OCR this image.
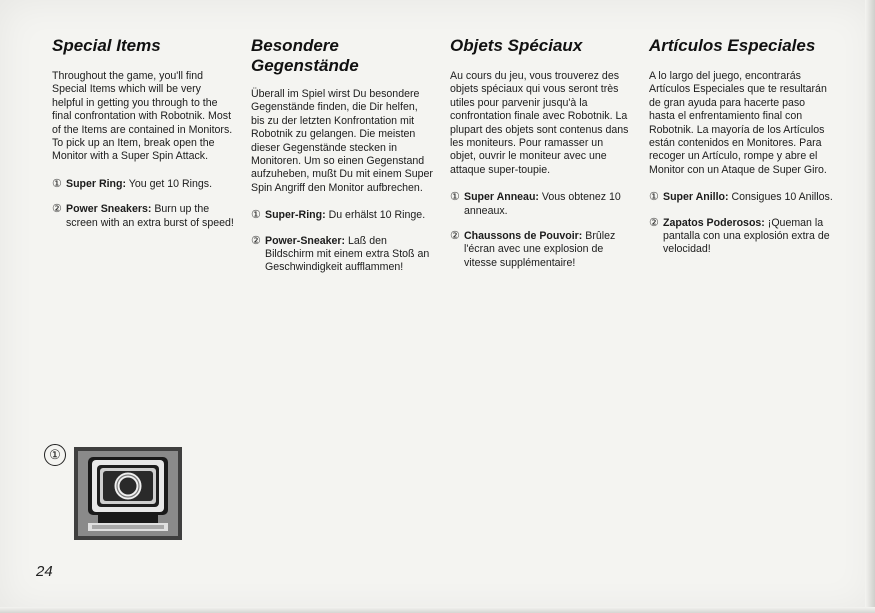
Special Items

Throughout the game, you'll find Special Items which will be very helpful in getting you through to the final confrontation with Robotnik. Most of the Items are contained in Monitors. To pick up an Item, break open the Monitor with a Super Spin Attack.

① Super Ring: You get 10 Rings.
② Power Sneakers: Burn up the screen with an extra burst of speed!
Besondere Gegenstände

Überall im Spiel wirst Du besondere Gegenstände finden, die Dir helfen, bis zu der letzten Konfrontation mit Robotnik zu gelangen. Die meisten dieser Gegenstände stecken in Monitoren. Um so einen Gegenstand aufzuheben, mußt Du mit einem Super Spin Angriff den Monitor aufbrechen.

① Super-Ring: Du erhälst 10 Ringe.
② Power-Sneaker: Laß den Bildschirm mit einem extra Stoß an Geschwindigkeit aufflammen!
Objets Spéciaux

Au cours du jeu, vous trouverez des objets spéciaux qui vous seront très utiles pour parvenir jusqu'à la confrontation finale avec Robotnik. La plupart des objets sont contenus dans les moniteurs. Pour ramasser un objet, ouvrir le moniteur avec une attaque super-toupie.

① Super Anneau: Vous obtenez 10 anneaux.
② Chaussons de Pouvoir: Brûlez l'écran avec une explosion de vitesse supplémentaire!
Artículos Especiales

A lo largo del juego, encontrarás Artículos Especiales que te resultarán de gran ayuda para hacerte paso hasta el enfrentamiento final con Robotnik. La mayoría de los Artículos están contenidos en Monitores. Para recoger un Artículo, rompe y abre el Monitor con un Ataque de Super Giro.

① Super Anillo: Consigues 10 Anillos.
② Zapatos Poderosos: ¡Queman la pantalla con una explosión extra de velocidad!
①
24
